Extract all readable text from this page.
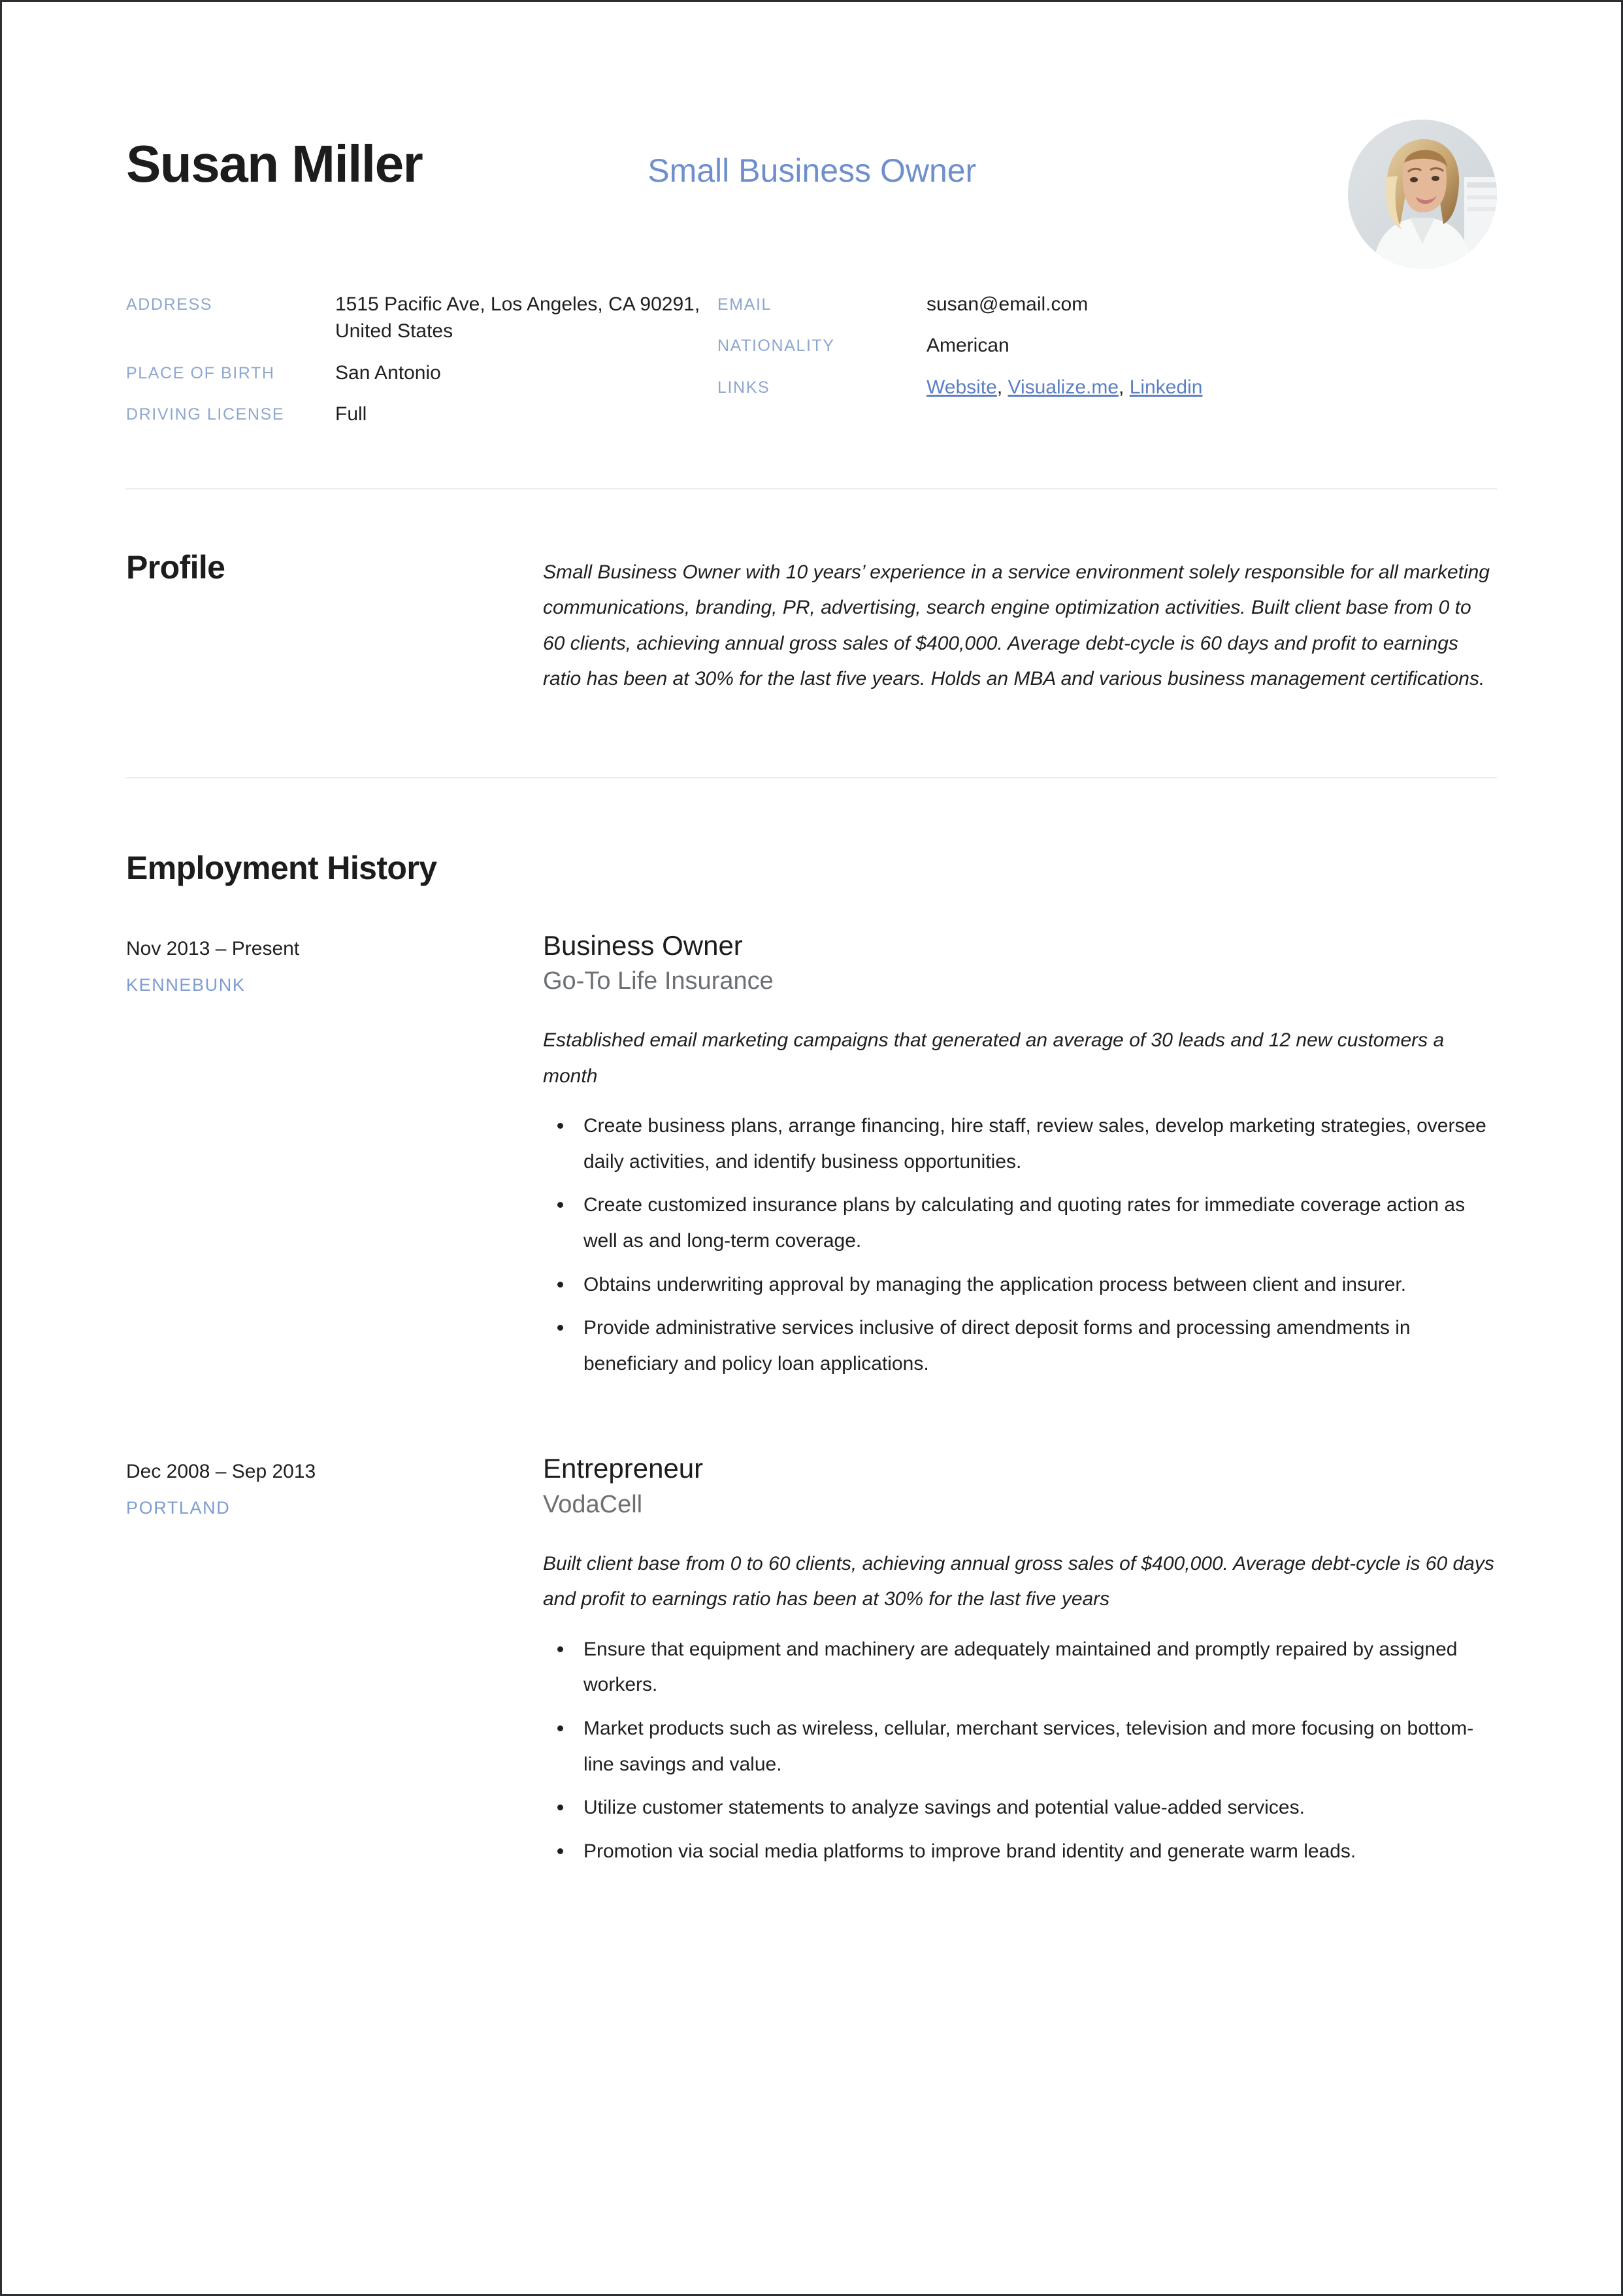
Susan Miller	Small Business Owner
ADDRESS	1515 Pacific Ave, Los Angeles, CA 90291, United States
PLACE OF BIRTH	San Antonio
DRIVING LICENSE	Full
EMAIL	susan@email.com
NATIONALITY	American
LINKS	Website, Visualize.me, Linkedin
Profile	Small Business Owner with 10 years’ experience in a service environment solely responsible for all marketing communications, branding, PR, advertising, search engine optimization activities. Built client base from 0 to 60 clients, achieving annual gross sales of $400,000. Average debt-cycle is 60 days and profit to earnings ratio has been at 30% for the last five years. Holds an MBA and various business management certifications.
Employment History
Nov 2013 – Present
KENNEBUNK
Business Owner
Go-To Life Insurance
Established email marketing campaigns that generated an average of 30 leads and 12 new customers a month
Create business plans, arrange financing, hire staff, review sales, develop marketing strategies, oversee daily activities, and identify business opportunities.
Create customized insurance plans by calculating and quoting rates for immediate coverage action as well as and long-term coverage.
Obtains underwriting approval by managing the application process between client and insurer.
Provide administrative services inclusive of direct deposit forms and processing amendments in beneficiary and policy loan applications.
Dec 2008 – Sep 2013
PORTLAND
Entrepreneur
VodaCell
Built client base from 0 to 60 clients, achieving annual gross sales of $400,000. Average debt-cycle is 60 days and profit to earnings ratio has been at 30% for the last five years
Ensure that equipment and machinery are adequately maintained and promptly repaired by assigned workers.
Market products such as wireless, cellular, merchant services, television and more focusing on bottom-line savings and value.
Utilize customer statements to analyze savings and potential value-added services.
Promotion via social media platforms to improve brand identity and generate warm leads.
